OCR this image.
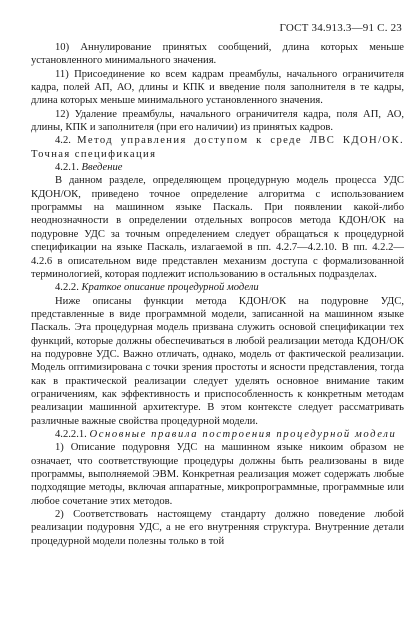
ГОСТ 34.913.3—91 С. 23

10) Аннулирование принятых сообщений, длина которых меньше установленного минимального значения.

11) Присоединение ко всем кадрам преамбулы, начального ограничителя кадра, полей АП, АО, длины и КПК и введение поля заполнителя в те кадры, длина которых меньше минимального установленного значения.

12) Удаление преамбулы, начального ограничителя кадра, поля АП, АО, длины, КПК и заполнителя (при его наличии) из принятых кадров.

4.2. Метод управления доступом к среде ЛВС КДОН/ОК. Точная спецификация

4.2.1. Введение

В данном разделе, определяющем процедурную модель процесса УДС КДОН/ОК, приведено точное определение алгоритма с использованием программы на машинном языке Паскаль. При появлении какой-либо неоднозначности в определении отдельных вопросов метода КДОН/ОК на подуровне УДС за точным определением следует обращаться к процедурной спецификации на языке Паскаль, излагаемой в пп. 4.2.7—4.2.10. В пп. 4.2.2—4.2.6 в описательном виде представлен механизм доступа с формализованной терминологией, которая подлежит использованию в остальных подразделах.

4.2.2. Краткое описание процедурной модели

Ниже описаны функции метода КДОН/ОК на подуровне УДС, представленные в виде программной модели, записанной на машинном языке Паскаль. Эта процедурная модель призвана служить основой спецификации тех функций, которые должны обеспечиваться в любой реализации метода КДОН/ОК на подуровне УДС. Важно отличать, однако, модель от фактической реализации. Модель оптимизирована с точки зрения простоты и ясности представления, тогда как в практической реализации следует уделять основное внимание таким ограничениям, как эффективность и приспособленность к конкретным методам реализации машинной архитектуре. В этом контексте следует рассматривать различные важные свойства процедурной модели.

4.2.2.1. Основные правила построения процедурной модели

1) Описание подуровня УДС на машинном языке никоим образом не означает, что соответствующие процедуры должны быть реализованы в виде программы, выполняемой ЭВМ. Конкретная реализация может содержать любые подходящие методы, включая аппаратные, микропрограммные, программные или любое сочетание этих методов.

2) Соответствовать настоящему стандарту должно поведение любой реализации подуровня УДС, а не его внутренняя структура. Внутренние детали процедурной модели полезны только в той
